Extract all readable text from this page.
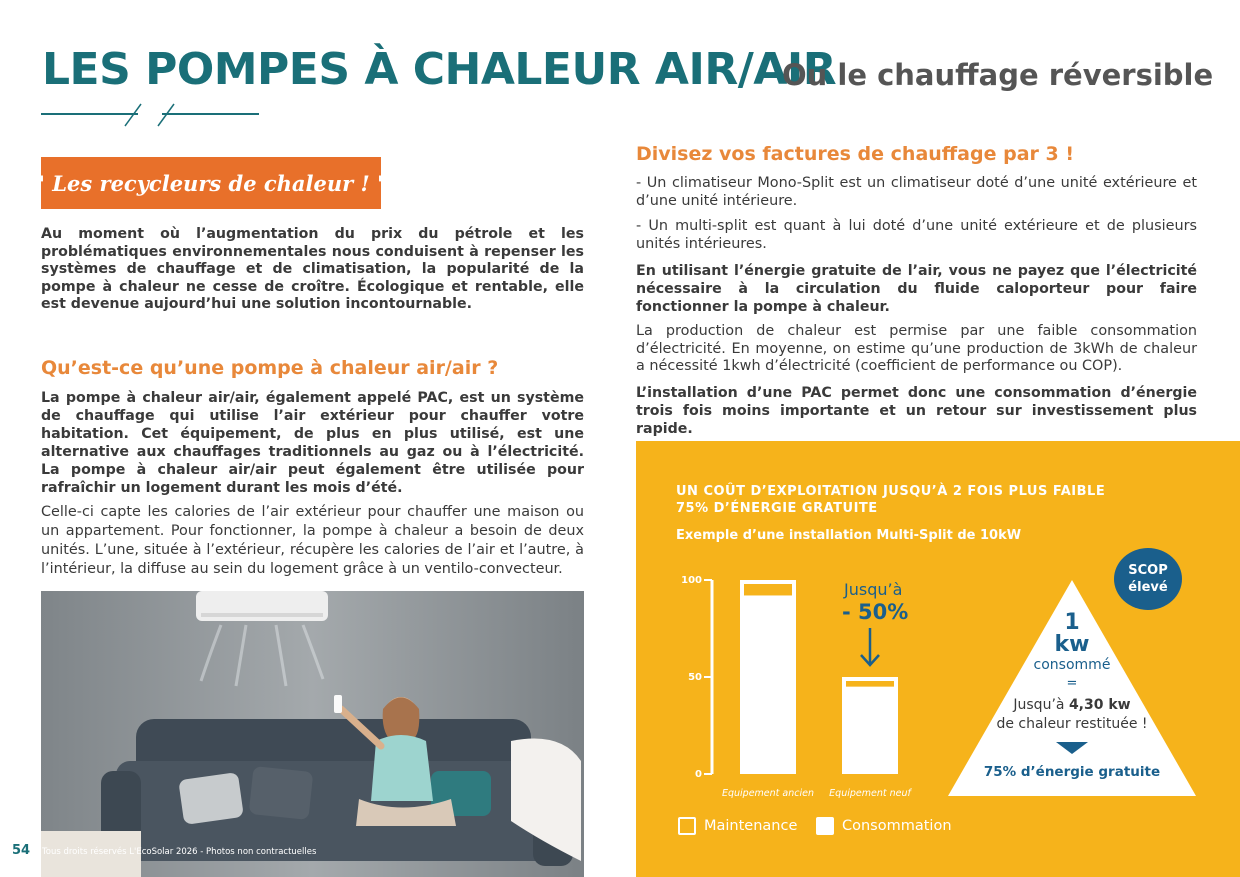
LES POMPES À CHALEUR AIR/AIR
Ou le chauffage réversible
" Les recycleurs de chaleur ! "
Au moment où l’augmentation du prix du pétrole et les problématiques environnementales nous conduisent à repenser les systèmes de chauffage et de climatisation, la popularité de la pompe à chaleur ne cesse de croître. Écologique et rentable, elle est devenue aujourd’hui une solution incontournable.
Qu’est-ce qu’une pompe à chaleur air/air ?
La pompe à chaleur air/air, également appelé PAC, est un système de chauffage qui utilise l’air extérieur pour chauffer votre habitation. Cet équipement, de plus en plus utilisé, est une alternative aux chauffages traditionnels au gaz ou à l’électricité. La pompe à chaleur air/air peut également être utilisée pour rafraîchir un logement durant les mois d’été.
Celle-ci capte les calories de l’air extérieur pour chauffer une maison ou un appartement. Pour fonctionner, la pompe à chaleur a besoin de deux unités. L’une, située à l’extérieur, récupère les calories de l’air et l’autre, à l’intérieur, la diffuse au sein du logement grâce à un ventilo-convecteur.
54 Tous droits réservés L'EcoSolar 2026 - Photos non contractuelles
Divisez vos factures de chauffage par 3 !
- Un climatiseur Mono-Split est un climatiseur doté d’une unité extérieure et d’une unité intérieure.
- Un multi-split est quant à lui doté d’une unité extérieure et de plusieurs unités intérieures.
En utilisant l’énergie gratuite de l’air, vous ne payez que l’électricité nécessaire à la circulation du fluide caloporteur pour faire fonctionner la pompe à chaleur.
La production de chaleur est permise par une faible consommation d’électricité. En moyenne, on estime qu’une production de 3kWh de chaleur a nécessité 1kwh d’électricité (coefficient de performance ou COP).
L’installation d’une PAC permet donc une consommation d’énergie trois fois moins importante et un retour sur investissement plus rapide.
UN COÛT D’EXPLOITATION JUSQU’À 2 FOIS PLUS FAIBLE
75% D’ÉNERGIE GRATUITE
Exemple d’une installation Multi-Split de 10kW
100
50
0
Equipement ancien Equipement neuf
Jusqu’à
- 50%	1
kw
consommé
=
Jusqu’à 4,30 kw
de chaleur restituée !
75% d’énergie gratuite
SCOP
élevé
Maintenance	Consommation
